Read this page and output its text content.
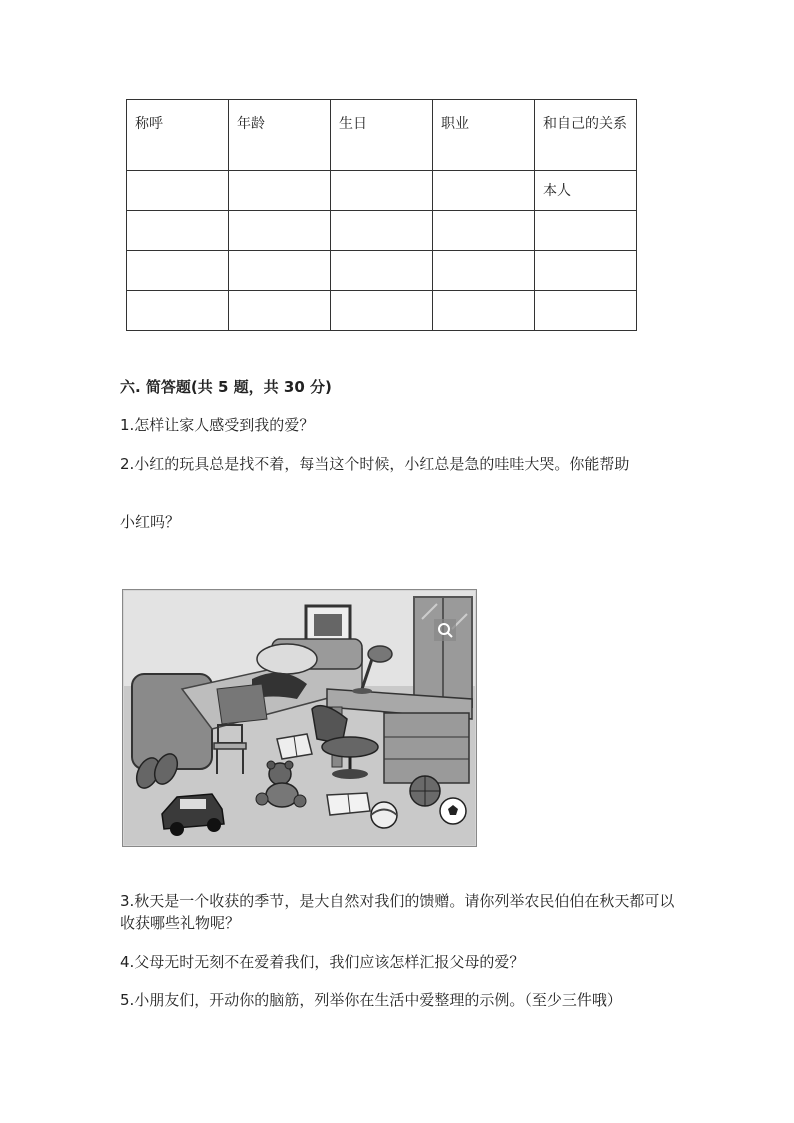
称呼	年龄	生日	职业	和自己的关系
				本人

六. 简答题(共 5 题，共 30 分)
1.怎样让家人感受到我的爱？
2.小红的玩具总是找不着，每当这个时候，小红总是急的哇哇大哭。你能帮助
小红吗？
3.秋天是一个收获的季节，是大自然对我们的馈赠。请你列举农民伯伯在秋天都可以收获哪些礼物呢？
4.父母无时无刻不在爱着我们，我们应该怎样汇报父母的爱？
5.小朋友们，开动你的脑筋，列举你在生活中爱整理的示例。（至少三件哦）
